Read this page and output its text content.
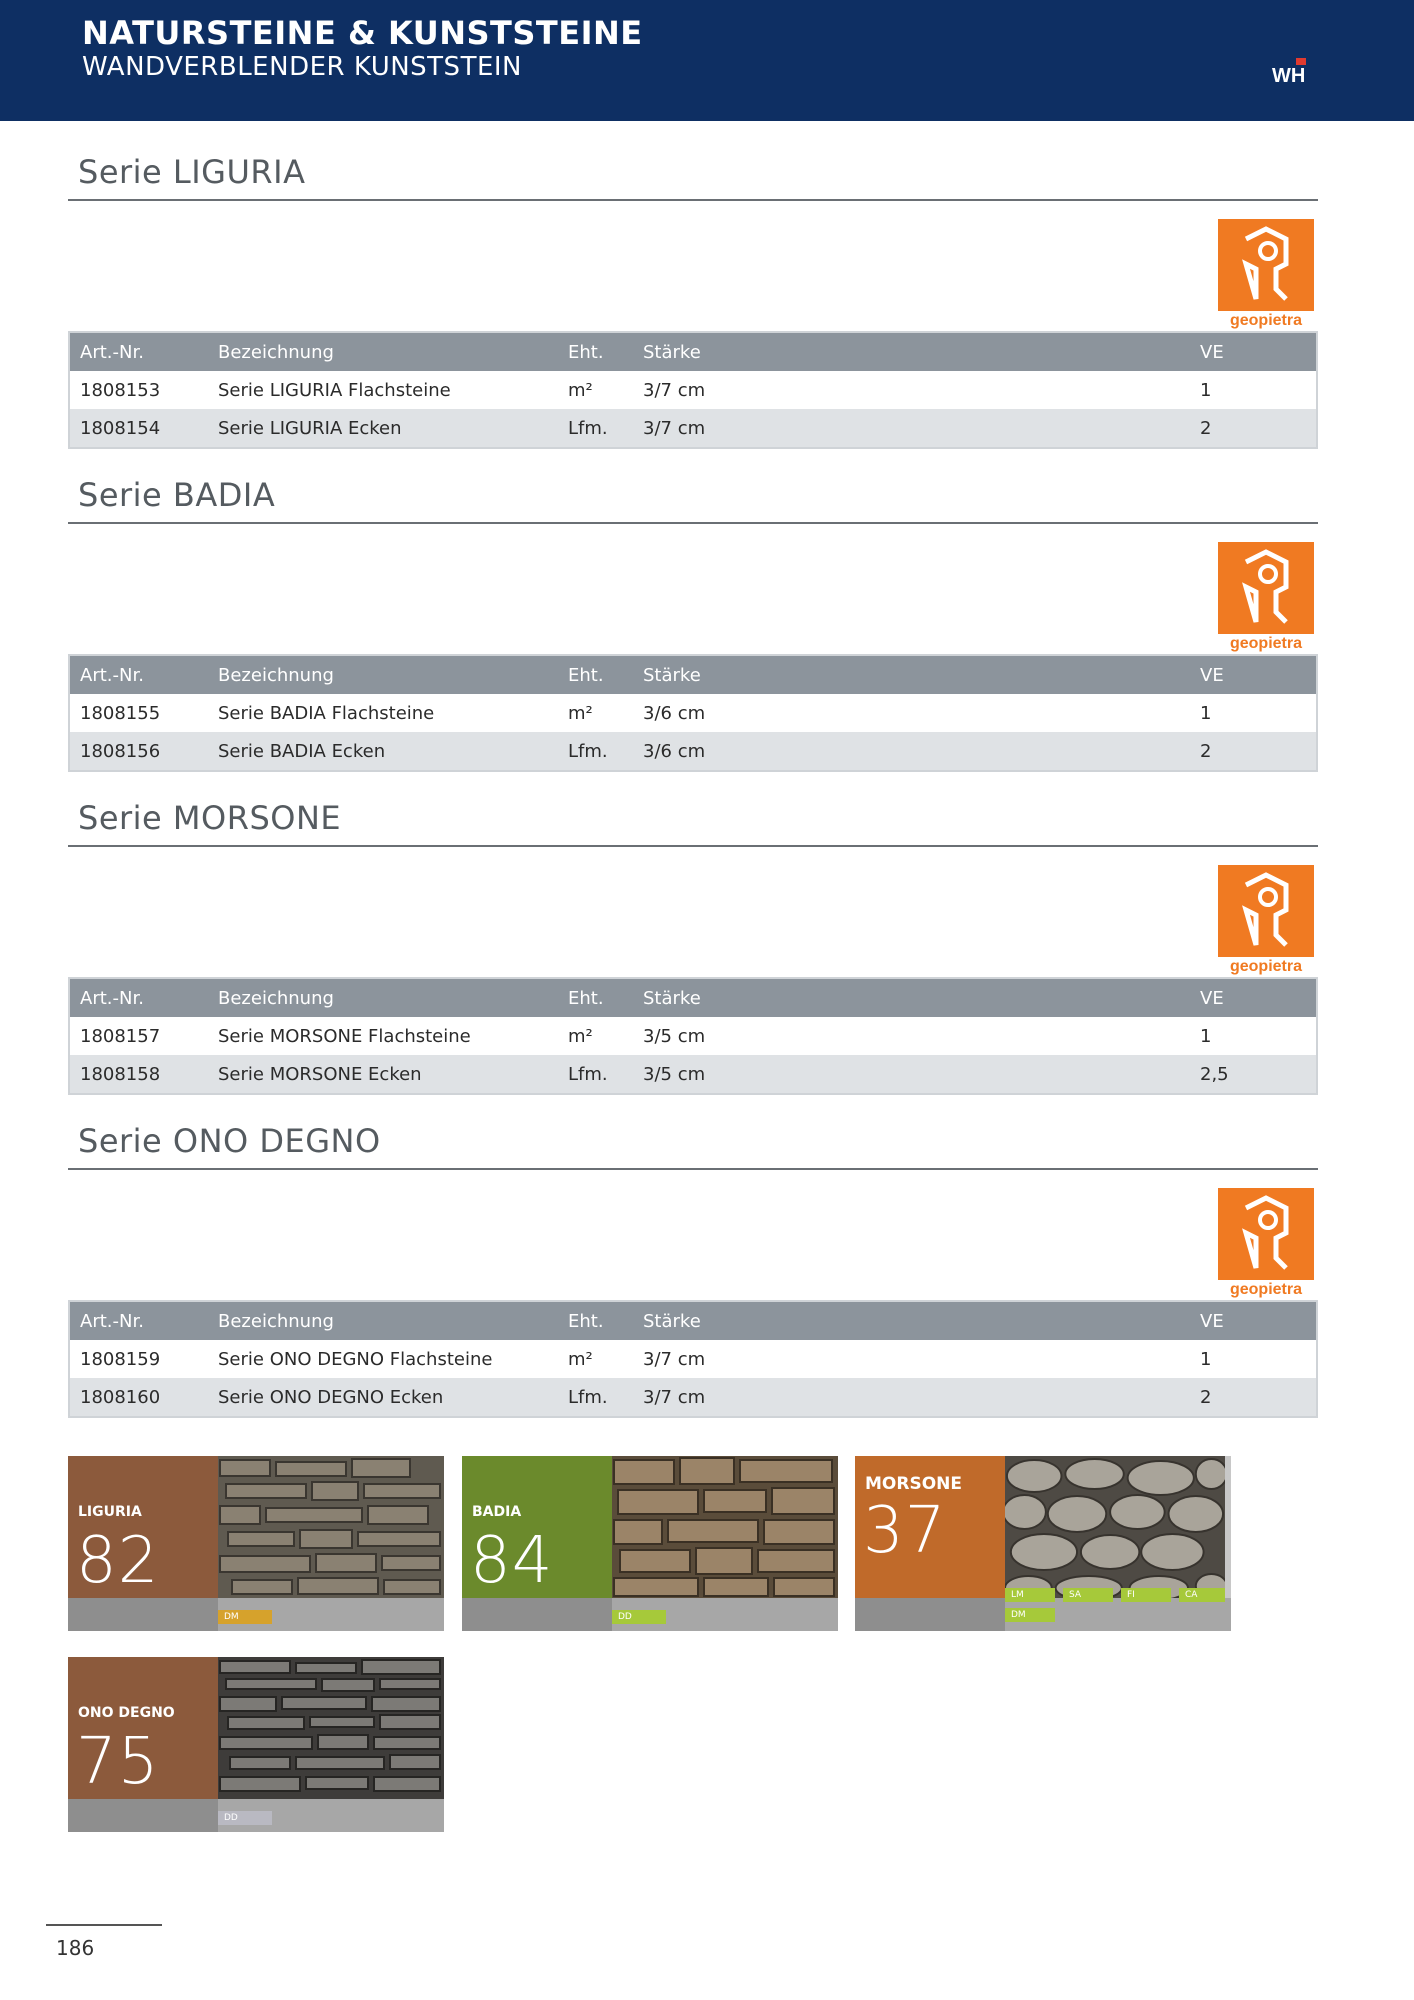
NATURSTEINE & KUNSTSTEINE
WANDVERBLENDER KUNSTSTEIN	WH
Serie LIGURIA
geopietra
Art.-Nr.	Bezeichnung	Eht. Stärke	VE
1808153	Serie LIGURIA Flachsteine	m²	3/7 cm	1
1808154	Serie LIGURIA Ecken	Lfm. 3/7 cm	2
Serie BADIA
geopietra
Art.-Nr.	Bezeichnung	Eht. Stärke	VE
1808155	Serie BADIA Flachsteine	m²	3/6 cm	1
1808156	Serie BADIA Ecken	Lfm. 3/6 cm	2
Serie MORSONE
geopietra
Art.-Nr.	Bezeichnung	Eht. Stärke	VE
1808157	Serie MORSONE Flachsteine	m²	3/5 cm	1
1808158	Serie MORSONE Ecken	Lfm. 3/5 cm	2,5
Serie ONO DEGNO
geopietra
Art.-Nr.	Bezeichnung	Eht. Stärke	VE
1808159	Serie ONO DEGNO Flachsteine	m²	3/7 cm	1
1808160	Serie ONO DEGNO Ecken	Lfm. 3/7 cm	2
LIGURIA
82
DM
BADIA
84
DD
MORSONE
37
LM	SA	FI	CA
DM
ONO DEGNO
75
DD
186
